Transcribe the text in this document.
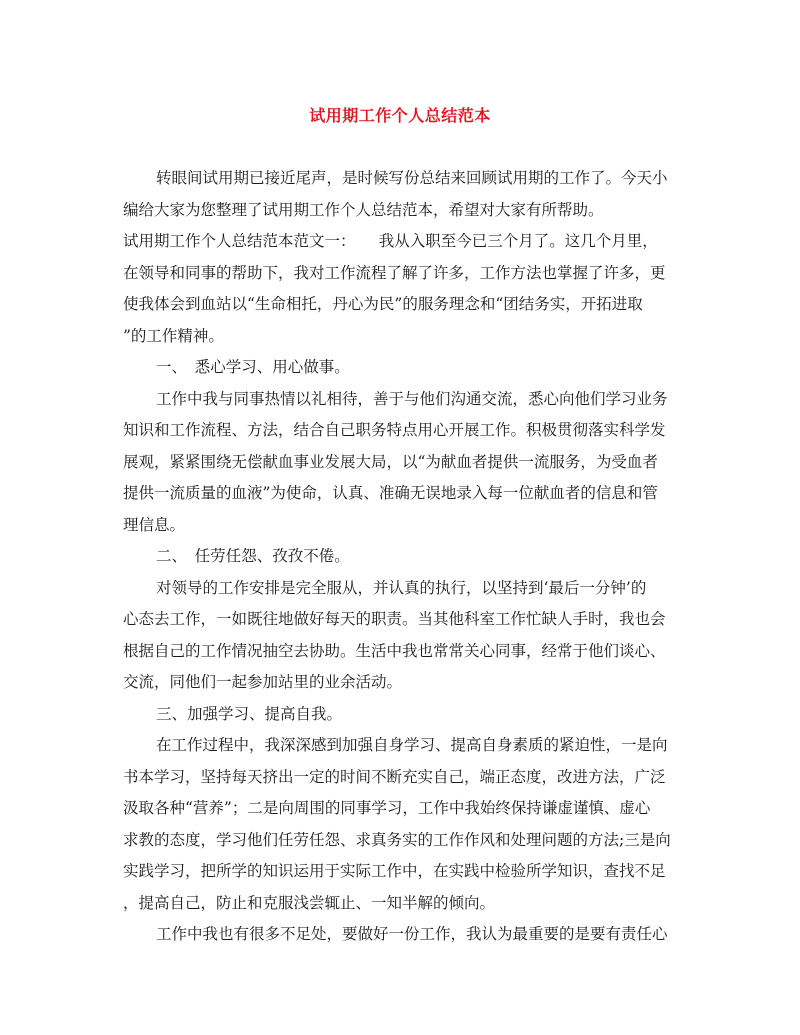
试用期工作个人总结范本
转眼间试用期已接近尾声，是时候写份总结来回顾试用期的工作了。今天小
编给大家为您整理了试用期工作个人总结范本，希望对大家有所帮助。
试用期工作个人总结范本范文一：　　我从入职至今已三个月了。这几个月里，
在领导和同事的帮助下，我对工作流程了解了许多，工作方法也掌握了许多，更
使我体会到血站以“生命相托，丹心为民”的服务理念和“团结务实，开拓进取
”的工作精神。
一、　悉心学习、用心做事。
工作中我与同事热情以礼相待，善于与他们沟通交流，悉心向他们学习业务
知识和工作流程、方法，结合自己职务特点用心开展工作。积极贯彻落实科学发
展观，紧紧围绕无偿献血事业发展大局，以“为献血者提供一流服务，为受血者
提供一流质量的血液”为使命，认真、准确无误地录入每一位献血者的信息和管
理信息。
二、　任劳任怨、孜孜不倦。
对领导的工作安排是完全服从，并认真的执行，以坚持到‘最后一分钟’的
心态去工作，一如既往地做好每天的职责。当其他科室工作忙缺人手时，我也会
根据自己的工作情况抽空去协助。生活中我也常常关心同事，经常于他们谈心、
交流，同他们一起参加站里的业余活动。
三、加强学习、提高自我。
在工作过程中，我深深感到加强自身学习、提高自身素质的紧迫性，一是向
书本学习，坚持每天挤出一定的时间不断充实自己，端正态度，改进方法，广泛
汲取各种“营养”；二是向周围的同事学习，工作中我始终保持谦虚谨慎、虚心
求教的态度，学习他们任劳任怨、求真务实的工作作风和处理问题的方法;三是向
实践学习，把所学的知识运用于实际工作中，在实践中检验所学知识，查找不足
，提高自己，防止和克服浅尝辄止、一知半解的倾向。
工作中我也有很多不足处，要做好一份工作，我认为最重要的是要有责任心
